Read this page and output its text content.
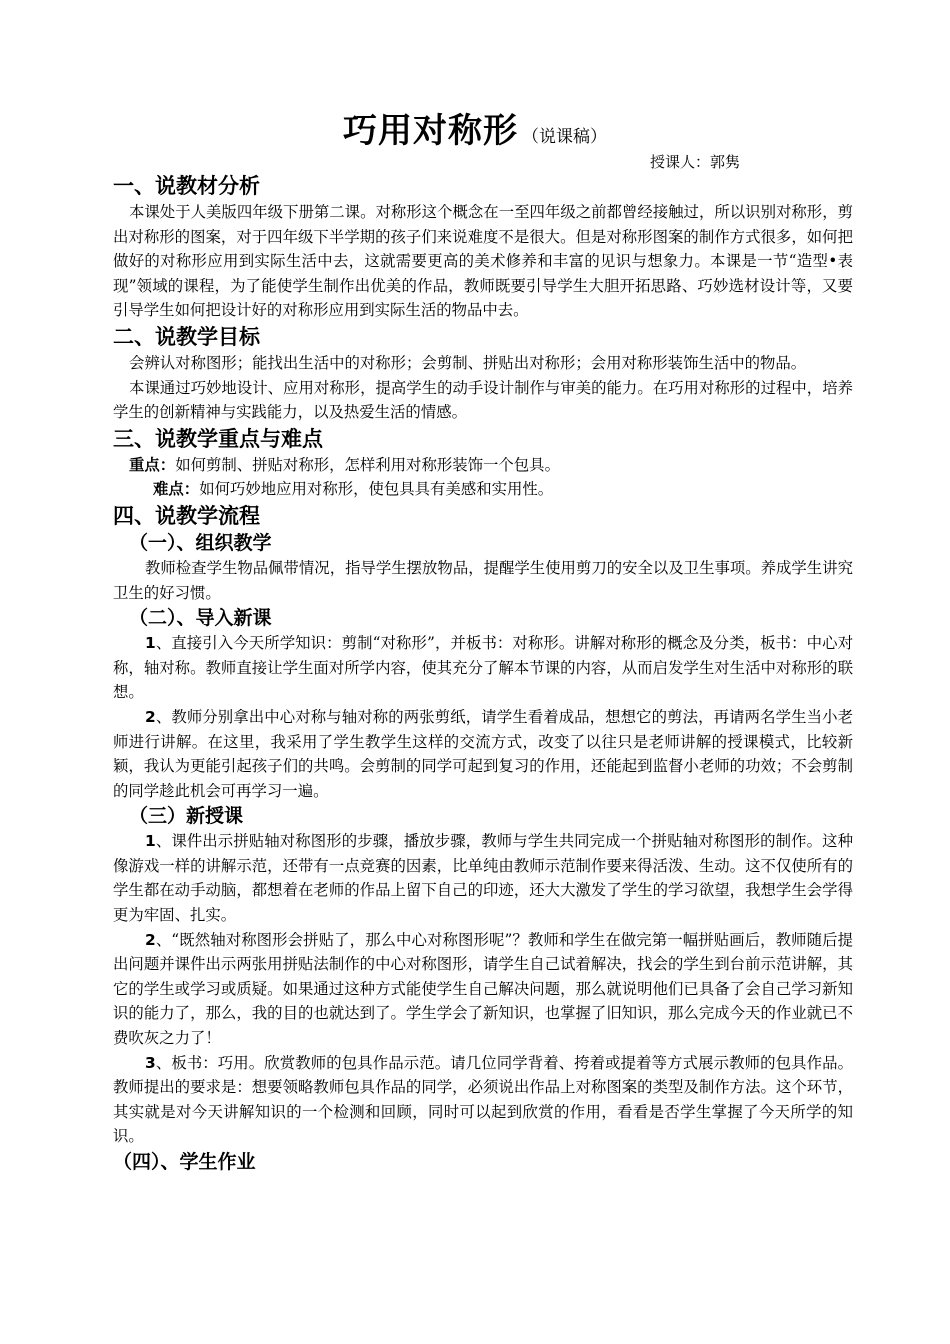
巧用对称形 （说课稿）
授课人：郭隽
一、说教材分析

本课处于人美版四年级下册第二课。对称形这个概念在一至四年级之前都曾经接触过，所以识别对称形，剪出对称形的图案，对于四年级下半学期的孩子们来说难度不是很大。但是对称形图案的制作方式很多，如何把做好的对称形应用到实际生活中去，这就需要更高的美术修养和丰富的见识与想象力。本课是一节“造型•表现”领域的课程，为了能使学生制作出优美的作品，教师既要引导学生大胆开拓思路、巧妙选材设计等，又要引导学生如何把设计好的对称形应用到实际生活的物品中去。

二、说教学目标

会辨认对称图形；能找出生活中的对称形；会剪制、拼贴出对称形；会用对称形装饰生活中的物品。

本课通过巧妙地设计、应用对称形，提高学生的动手设计制作与审美的能力。在巧用对称形的过程中，培养学生的创新精神与实践能力，以及热爱生活的情感。

三、说教学重点与难点

重点：如何剪制、拼贴对称形，怎样利用对称形装饰一个包具。

难点：如何巧妙地应用对称形，使包具具有美感和实用性。

四、说教学流程
（一）、组织教学

教师检查学生物品佩带情况，指导学生摆放物品，提醒学生使用剪刀的安全以及卫生事项。养成学生讲究卫生的好习惯。

（二）、导入新课

1、直接引入今天所学知识：剪制“对称形”，并板书：对称形。讲解对称形的概念及分类，板书：中心对称，轴对称。教师直接让学生面对所学内容，使其充分了解本节课的内容，从而启发学生对生活中对称形的联想。

2、教师分别拿出中心对称与轴对称的两张剪纸，请学生看着成品，想想它的剪法，再请两名学生当小老师进行讲解。在这里，我采用了学生教学生这样的交流方式，改变了以往只是老师讲解的授课模式，比较新颖，我认为更能引起孩子们的共鸣。会剪制的同学可起到复习的作用，还能起到监督小老师的功效；不会剪制的同学趁此机会可再学习一遍。

（三）新授课

1、课件出示拼贴轴对称图形的步骤，播放步骤，教师与学生共同完成一个拼贴轴对称图形的制作。这种像游戏一样的讲解示范，还带有一点竞赛的因素，比单纯由教师示范制作要来得活泼、生动。这不仅使所有的学生都在动手动脑，都想着在老师的作品上留下自己的印迹，还大大激发了学生的学习欲望，我想学生会学得更为牢固、扎实。

2、“既然轴对称图形会拼贴了，那么中心对称图形呢”？教师和学生在做完第一幅拼贴画后，教师随后提出问题并课件出示两张用拼贴法制作的中心对称图形，请学生自己试着解决，找会的学生到台前示范讲解，其它的学生或学习或质疑。如果通过这种方式能使学生自己解决问题，那么就说明他们已具备了会自己学习新知识的能力了，那么，我的目的也就达到了。学生学会了新知识，也掌握了旧知识，那么完成今天的作业就已不费吹灰之力了！

3、板书：巧用。欣赏教师的包具作品示范。请几位同学背着、挎着或提着等方式展示教师的包具作品。教师提出的要求是：想要领略教师包具作品的同学，必须说出作品上对称图案的类型及制作方法。这个环节，其实就是对今天讲解知识的一个检测和回顾，同时可以起到欣赏的作用，看看是否学生掌握了今天所学的知识。

（四）、学生作业
